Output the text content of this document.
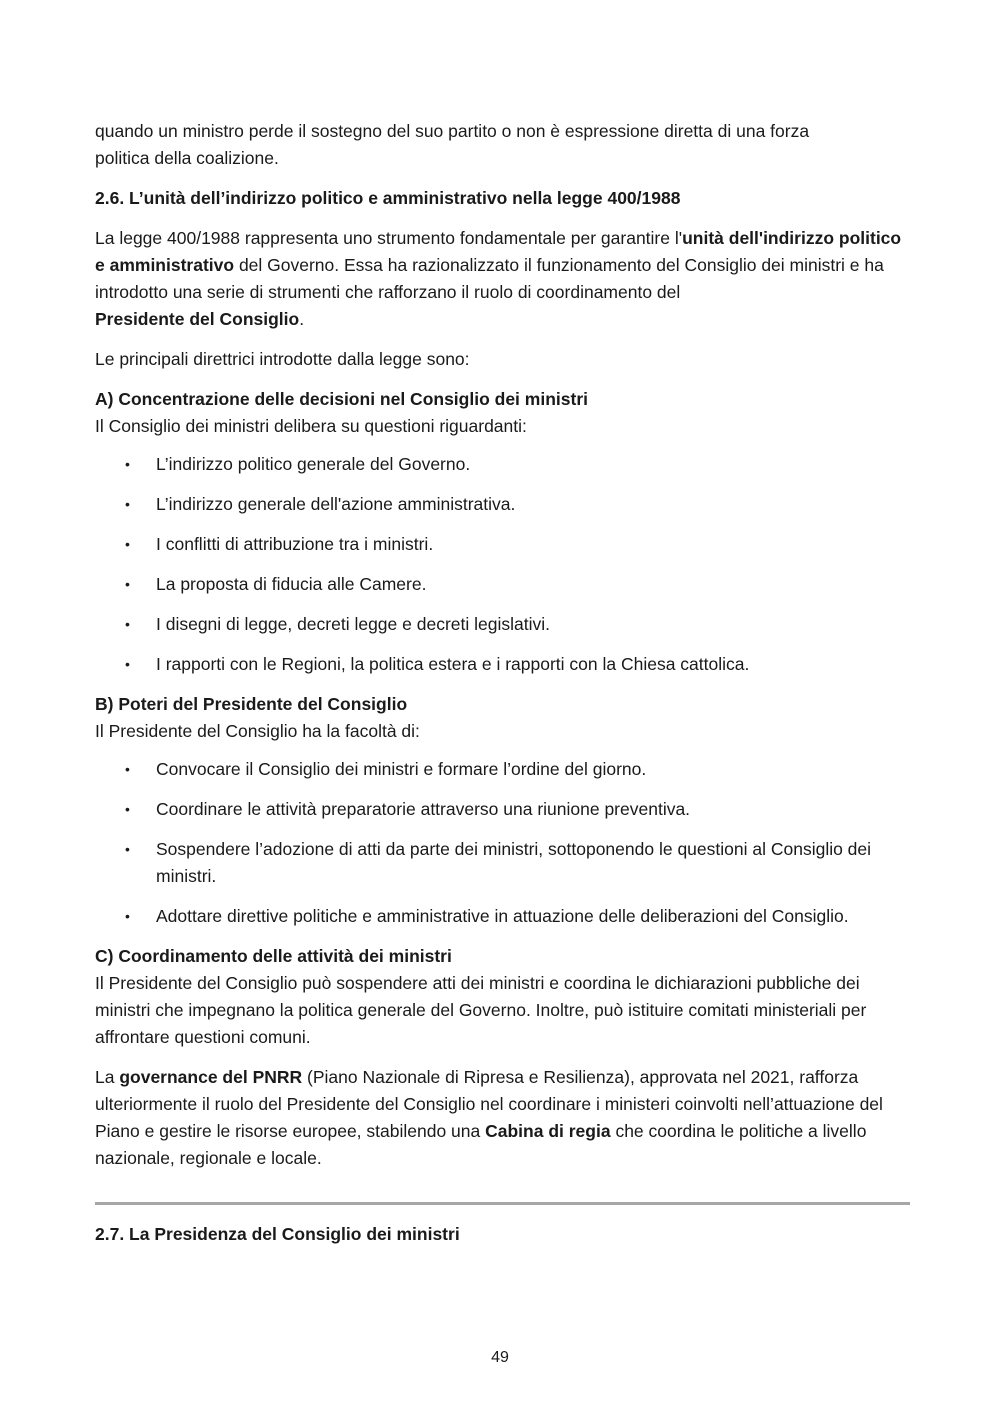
quando un ministro perde il sostegno del suo partito o non è espressione diretta di una forza
politica della coalizione.

2.6. L’unità dell’indirizzo politico e amministrativo nella legge 400/1988

La legge 400/1988 rappresenta uno strumento fondamentale per garantire l'unità dell'indirizzo politico e amministrativo del Governo. Essa ha razionalizzato il funzionamento del Consiglio dei ministri e ha introdotto una serie di strumenti che rafforzano il ruolo di coordinamento del
Presidente del Consiglio.

Le principali direttrici introdotte dalla legge sono:

A) Concentrazione delle decisioni nel Consiglio dei ministri
Il Consiglio dei ministri delibera su questioni riguardanti:
• L’indirizzo politico generale del Governo.
• L’indirizzo generale dell'azione amministrativa.
• I conflitti di attribuzione tra i ministri.
• La proposta di fiducia alle Camere.
• I disegni di legge, decreti legge e decreti legislativi.
• I rapporti con le Regioni, la politica estera e i rapporti con la Chiesa cattolica.
B) Poteri del Presidente del Consiglio
Il Presidente del Consiglio ha la facoltà di:
• Convocare il Consiglio dei ministri e formare l’ordine del giorno.
• Coordinare le attività preparatorie attraverso una riunione preventiva.
• Sospendere l’adozione di atti da parte dei ministri, sottoponendo le questioni al Consiglio dei ministri.
• Adottare direttive politiche e amministrative in attuazione delle deliberazioni del Consiglio.
C) Coordinamento delle attività dei ministri

Il Presidente del Consiglio può sospendere atti dei ministri e coordina le dichiarazioni pubbliche dei ministri che impegnano la politica generale del Governo. Inoltre, può istituire comitati ministeriali per affrontare questioni comuni.

La governance del PNRR (Piano Nazionale di Ripresa e Resilienza), approvata nel 2021, rafforza ulteriormente il ruolo del Presidente del Consiglio nel coordinare i ministeri coinvolti nell’attuazione del Piano e gestire le risorse europee, stabilendo una Cabina di regia che coordina le politiche a livello nazionale, regionale e locale.

2.7. La Presidenza del Consiglio dei ministri
49
